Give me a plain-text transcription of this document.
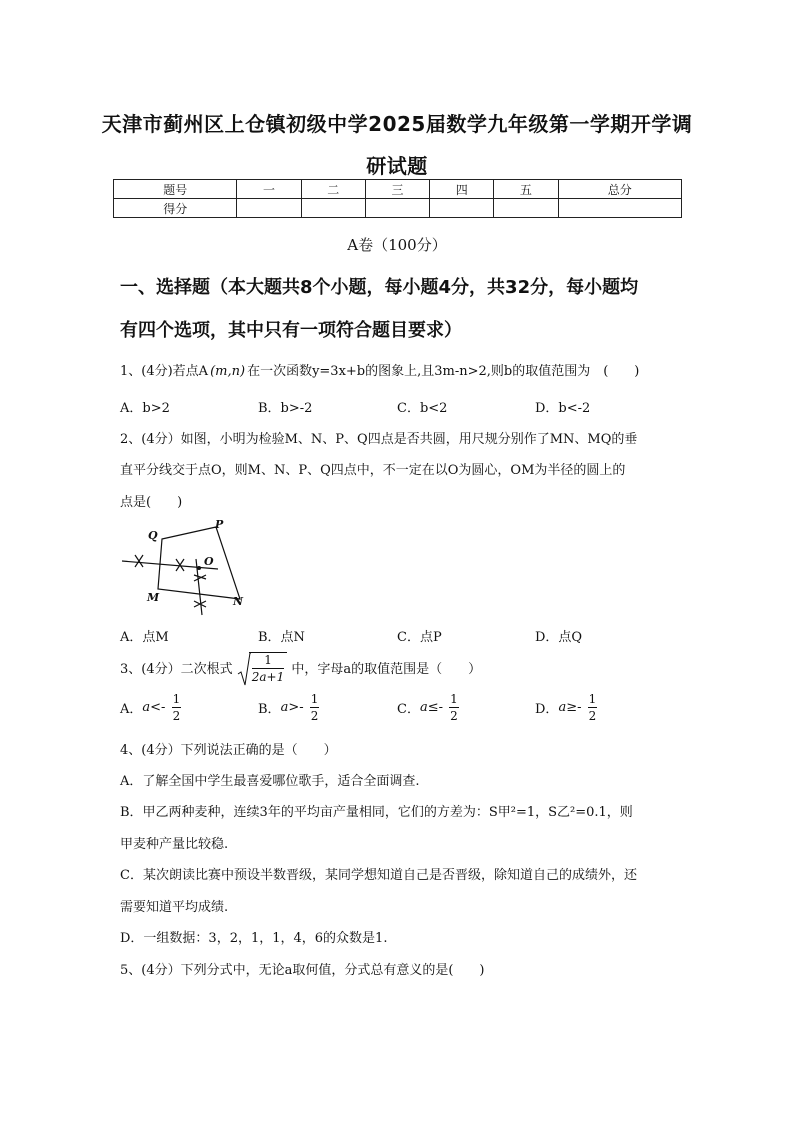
天津市蓟州区上仓镇初级中学2025届数学九年级第一学期开学调
研试题
题号	一	二	三	四	五	总分
得分						
A卷（100分）
一、选择题（本大题共8个小题，每小题4分，共32分，每小题均
有四个选项，其中只有一项符合题目要求）
1、(4分)若点A (m,n) 在一次函数y=3x+b的图象上,且3m-n>2,则b的取值范围为　(　　)
A．b>2	B．b>-2	C．b<2	D．b<-2
2、(4分）如图，小明为检验M、N、P、Q四点是否共圆，用尺规分别作了MN、MQ的垂
直平分线交于点O，则M、N、P、Q四点中，不一定在以O为圆心，OM为半径的圆上的
点是(　　)
Q
P
O
M	N
A．点M	B．点N	C．点P	D．点Q
3、(4分）二次根式 $\frac{1}{2a+1}$ 中，字母a的取值范围是（　　）
A．$a<- \frac{1}{2}$	B．$a>- \frac{1}{2}$	C．$a\le- \frac{1}{2}$	D．$a\ge- \frac{1}{2}$
4、(4分）下列说法正确的是（　　）
A．了解全国中学生最喜爱哪位歌手，适合全面调查.
B．甲乙两种麦种，连续3年的平均亩产量相同，它们的方差为：S甲²=1，S乙²=0.1，则
甲麦种产量比较稳.
C．某次朗读比赛中预设半数晋级，某同学想知道自己是否晋级，除知道自己的成绩外，还
需要知道平均成绩.
D．一组数据：3，2，1，1，4，6的众数是1.
5、(4分）下列分式中，无论a取何值，分式总有意义的是(　　)
